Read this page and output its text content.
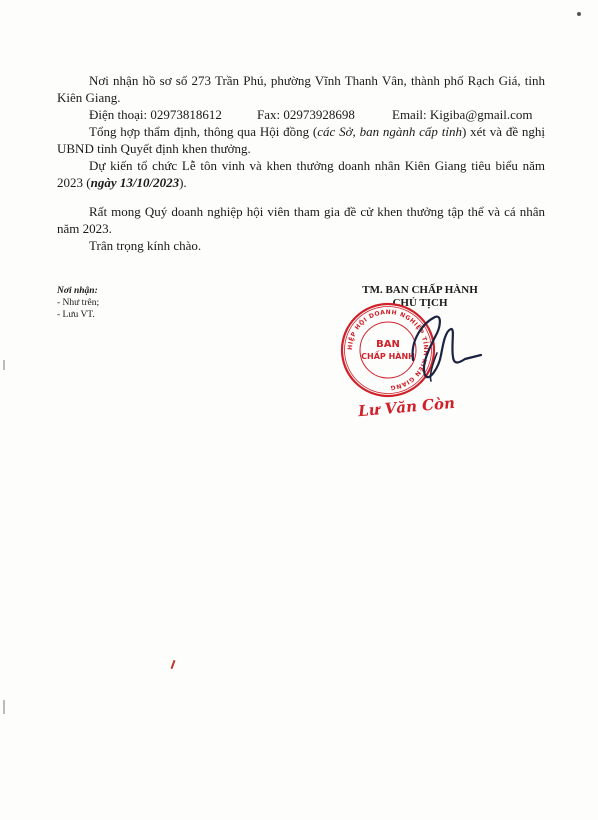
Nơi nhận hồ sơ số 273 Trần Phú, phường Vĩnh Thanh Vân, thành phố Rạch Giá, tỉnh Kiên Giang.

Điện thoại: 02973818612	Fax: 02973928698	Email: Kigiba@gmail.com

Tổng hợp thẩm định, thông qua Hội đồng (các Sở, ban ngành cấp tỉnh) xét và đề nghị UBND tỉnh Quyết định khen thưởng.

Dự kiến tổ chức Lễ tôn vinh và khen thưởng doanh nhân Kiên Giang tiêu biểu năm 2023 (ngày 13/10/2023).

Rất mong Quý doanh nghiệp hội viên tham gia đề cử khen thưởng tập thể và cá nhân năm 2023.

Trân trọng kính chào.
Nơi nhận:
- Như trên;
- Lưu VT.
TM. BAN CHẤP HÀNH
CHỦ TỊCH
HIỆP HỘI DOANH NGHIỆP TỈNH KIÊN GIANG
BAN
CHẤP HÀNH
Lư Văn Còn
